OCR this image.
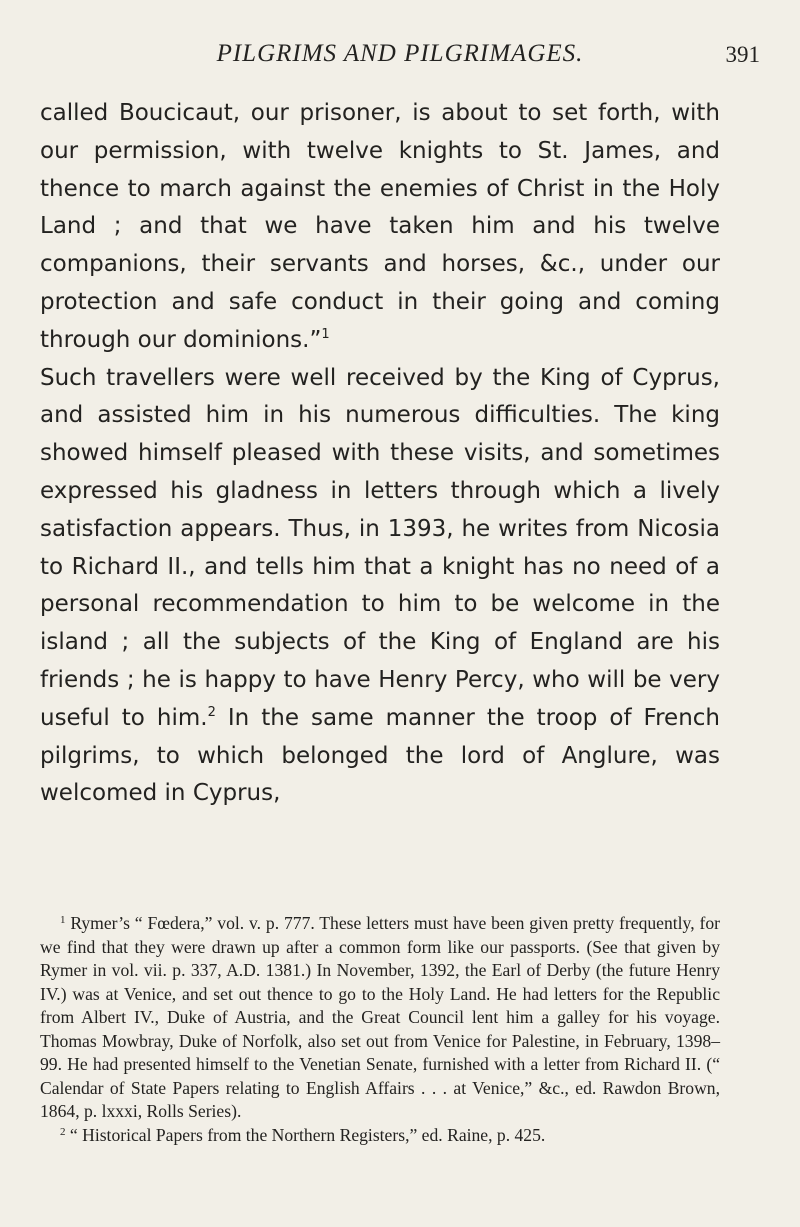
PILGRIMS AND PILGRIMAGES.	391

called Boucicaut, our prisoner, is about to set forth, with our permission, with twelve knights to St. James, and thence to march against the enemies of Christ in the Holy Land ; and that we have taken him and his twelve companions, their servants and horses, &c., under our protection and safe conduct in their going and coming through our dominions.”$^1$

Such travellers were well received by the King of Cyprus, and assisted him in his numerous difficulties. The king showed himself pleased with these visits, and sometimes expressed his gladness in letters through which a lively satisfaction appears. Thus, in 1393, he writes from Nicosia to Richard II., and tells him that a knight has no need of a personal recommendation to him to be welcome in the island ; all the subjects of the King of England are his friends ; he is happy to have Henry Percy, who will be very useful to him.$^2$ In the same manner the troop of French pilgrims, to which belonged the lord of Anglure, was welcomed in Cyprus,

$^1$ Rymer’s “ Fœdera,” vol. v. p. 777. These letters must have been given pretty frequently, for we find that they were drawn up after a common form like our passports. (See that given by Rymer in vol. vii. p. 337, A.D. 1381.) In November, 1392, the Earl of Derby (the future Henry IV.) was at Venice, and set out thence to go to the Holy Land. He had letters for the Republic from Albert IV., Duke of Austria, and the Great Council lent him a galley for his voyage. Thomas Mowbray, Duke of Norfolk, also set out from Venice for Palestine, in February, 1398–99. He had presented himself to the Venetian Senate, furnished with a letter from Richard II. (“ Calendar of State Papers relating to English Affairs . . . at Venice,” &c., ed. Rawdon Brown, 1864, p. lxxxi, Rolls Series).

$^2$ “ Historical Papers from the Northern Registers,” ed. Raine, p. 425.
